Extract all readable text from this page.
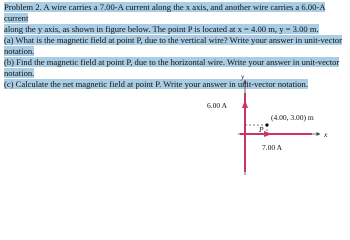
Problem 2. A wire carries a 7.00-A current along the x axis, and another wire carries a 6.00-A current
along the y axis, as shown in figure below. The point P is located at x = 4.00 m, y = 3.00 m.
(a) What is the magnetic field at point P, due to the vertical wire? Write your answer in unit-vector
notation.
(b) Find the magnetic field at point P, due to the horizontal wire. Write your answer in unit-vector
notation.
(c) Calculate the net magnetic field at point P. Write your answer in unit-vector notation.
y
x
6.00 A
7.00 A
(4.00, 3.00) m
P
